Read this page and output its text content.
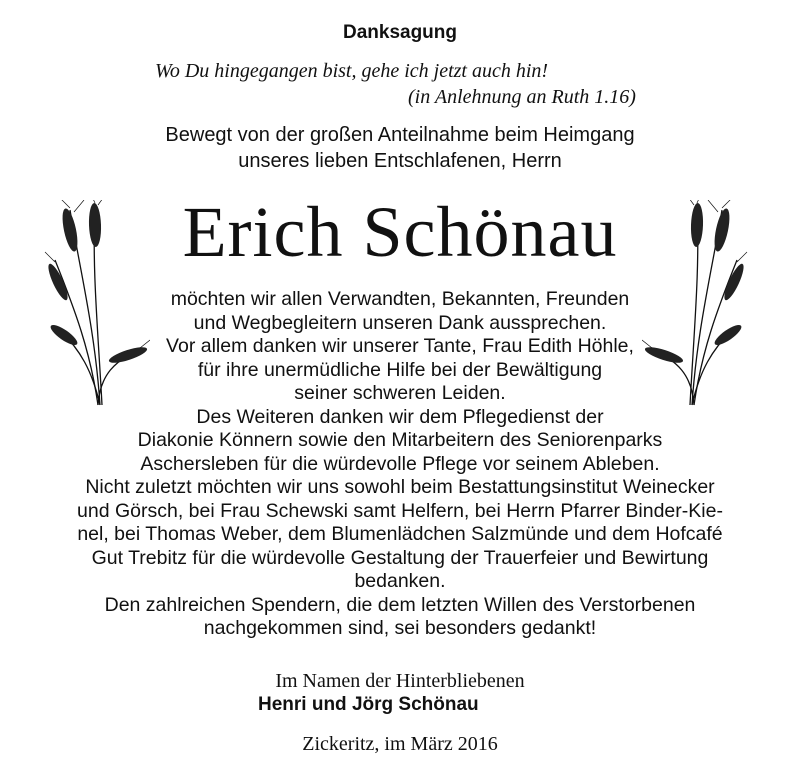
Danksagung
Wo Du hingegangen bist, gehe ich jetzt auch hin!
(in Anlehnung an Ruth 1.16)
Bewegt von der großen Anteilnahme beim Heimgang
unseres lieben Entschlafenen, Herrn
Erich Schönau
möchten wir allen Verwandten, Bekannten, Freunden
und Wegbegleitern unseren Dank aussprechen.
Vor allem danken wir unserer Tante, Frau Edith Höhle,
für ihre unermüdliche Hilfe bei der Bewältigung
seiner schweren Leiden.
Des Weiteren danken wir dem Pflegedienst der
Diakonie Könnern sowie den Mitarbeitern des Seniorenparks
Aschersleben für die würdevolle Pflege vor seinem Ableben.
Nicht zuletzt möchten wir uns sowohl beim Bestattungsinstitut Weinecker
und Görsch, bei Frau Schewski samt Helfern, bei Herrn Pfarrer Binder-Kie-
nel, bei Thomas Weber, dem Blumenlädchen Salzmünde und dem Hofcafé
Gut Trebitz für die würdevolle Gestaltung der Trauerfeier und Bewirtung
bedanken.
Den zahlreichen Spendern, die dem letzten Willen des Verstorbenen
nachgekommen sind, sei besonders gedankt!
Im Namen der Hinterbliebenen
Henri und Jörg Schönau
Zickeritz, im März 2016
